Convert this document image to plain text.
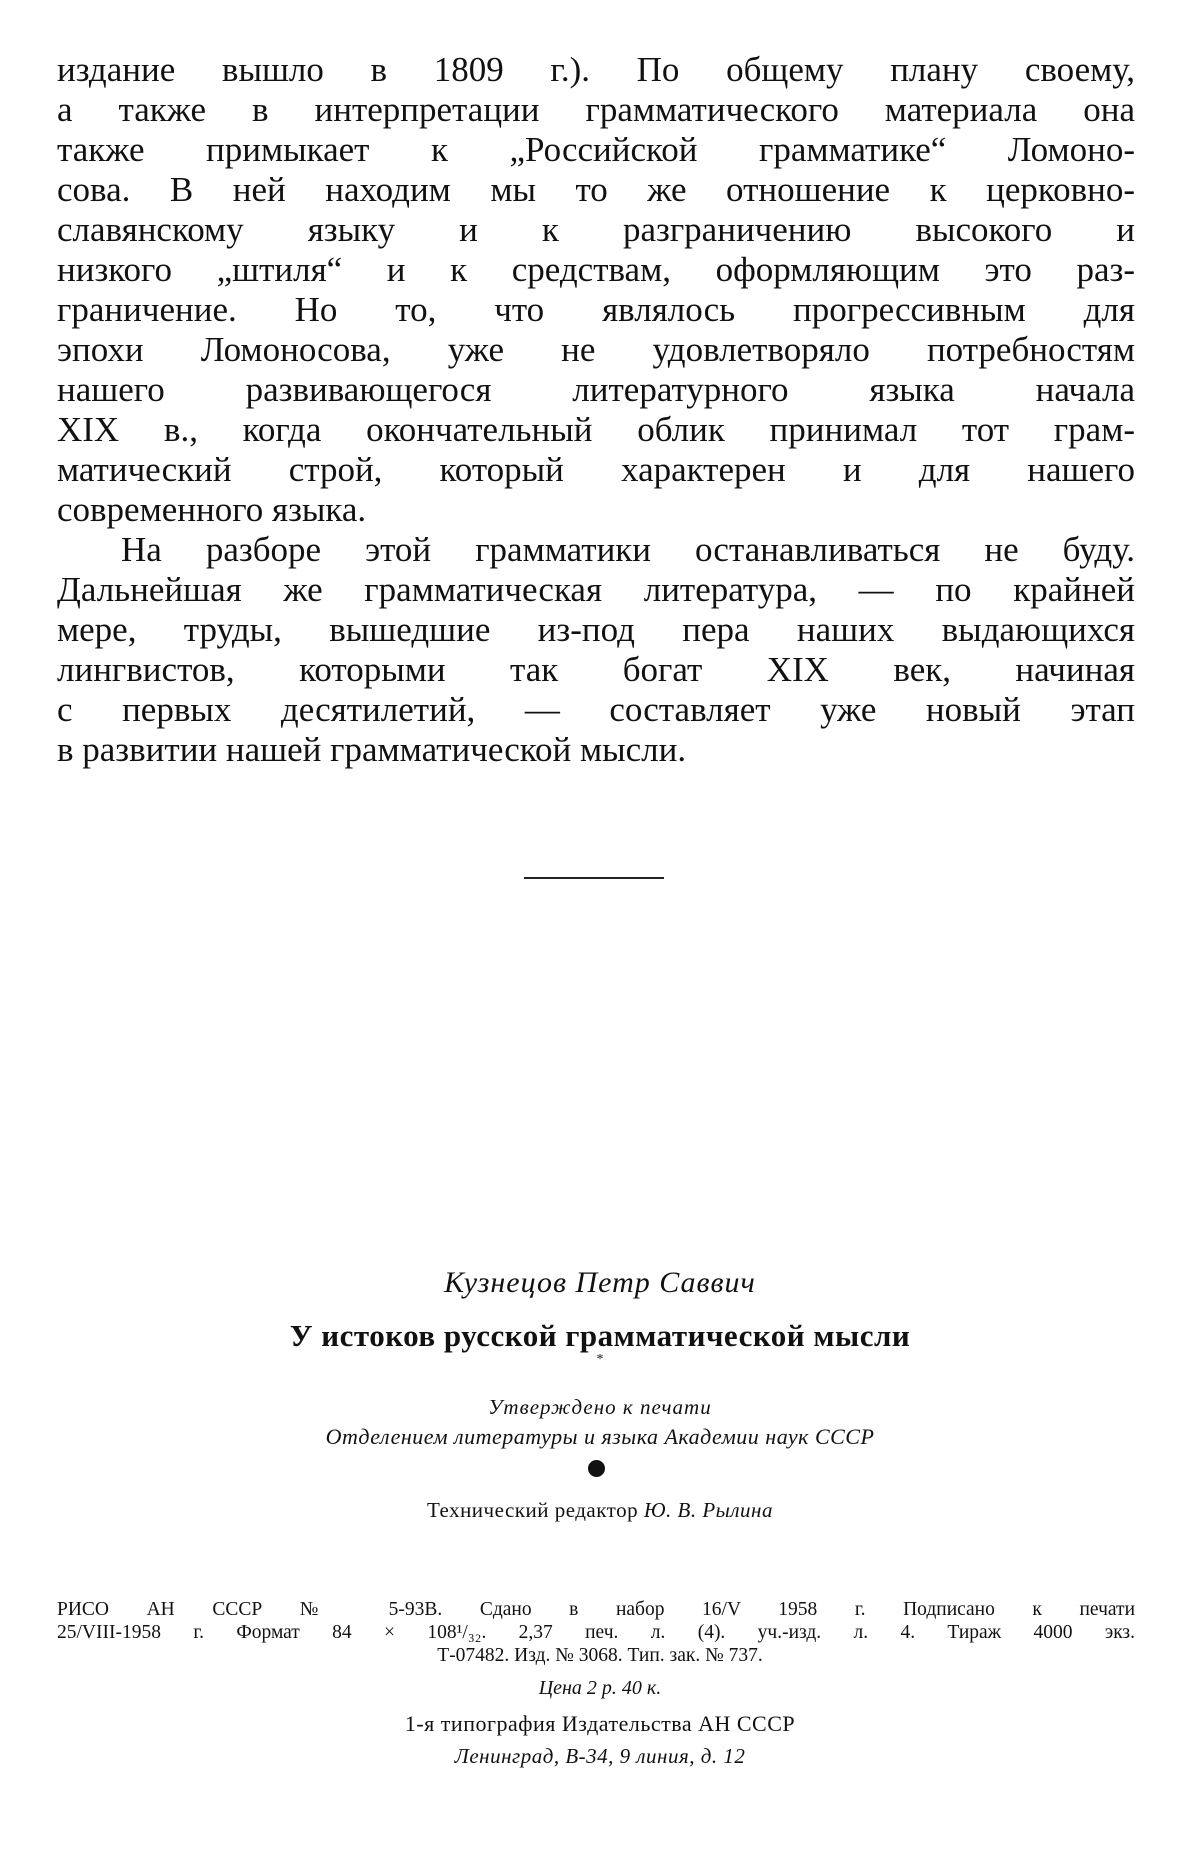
издание вышло в 1809 г.). По общему плану своему,
а также в интерпретации грамматического материала она
также примыкает к „Российской грамматике“ Ломоно-
сова. В ней находим мы то же отношение к церковно-
славянскому языку и к разграничению высокого и
низкого „штиля“ и к средствам, оформляющим это раз-
граничение. Но то, что являлось прогрессивным для
эпохи Ломоносова, уже не удовлетворяло потребностям
нашего развивающегося литературного языка начала
XIX в., когда окончательный облик принимал тот грам-
матический строй, который характерен и для нашего
современного языка.
На разборе этой грамматики останавливаться не буду.
Дальнейшая же грамматическая литература, — по крайней
мере, труды, вышедшие из-под пера наших выдающихся
лингвистов, которыми так богат XIX век, начиная
с первых десятилетий, — составляет уже новый этап
в развитии нашей грамматической мысли.
Кузнецов Петр Саввич
У истоков русской грамматической мысли
*
Утверждено к печати
Отделением литературы и языка Академии наук СССР
Технический редактор Ю. В. Рылина
РИСО АН СССР № 5-93В. Сдано в набор 16/V 1958 г. Подписано к печати
25/VIII-1958 г. Формат 84 × 108¹/₃₂. 2,37 печ. л. (4). уч.-изд. л. 4. Тираж 4000 экз.
Т-07482. Изд. № 3068. Тип. зак. № 737.
Цена 2 р. 40 к.
1-я типография Издательства АН СССР
Ленинград, В-34, 9 линия, д. 12
